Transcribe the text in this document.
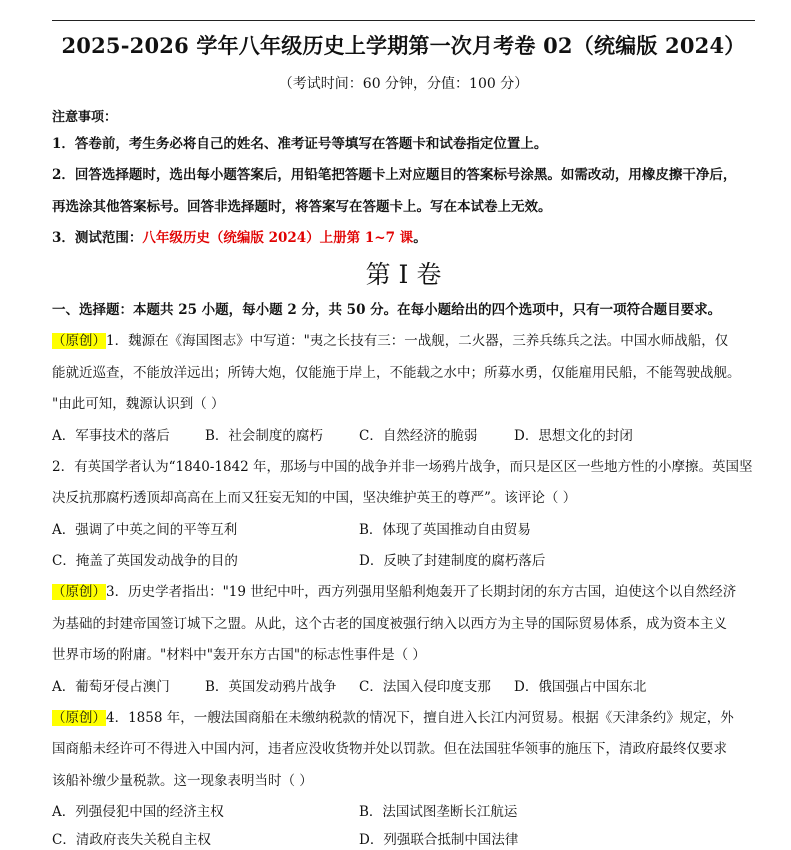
2025-2026 学年八年级历史上学期第一次月考卷 02（统编版 2024）
（考试时间：60 分钟，分值：100 分）
注意事项：
1．答卷前，考生务必将自己的姓名、准考证号等填写在答题卡和试卷指定位置上。
2．回答选择题时，选出每小题答案后，用铅笔把答题卡上对应题目的答案标号涂黑。如需改动，用橡皮擦干净后，
再选涂其他答案标号。回答非选择题时，将答案写在答题卡上。写在本试卷上无效。
3．测试范围：八年级历史（统编版 2024）上册第 1~7 课。
第 I 卷
一、选择题：本题共 25 小题，每小题 2 分，共 50 分。在每小题给出的四个选项中，只有一项符合题目要求。
（原创）1．魏源在《海国图志》中写道："夷之长技有三：一战舰，二火器，三养兵练兵之法。中国水师战船，仅
能就近巡查，不能放洋远出；所铸大炮，仅能施于岸上，不能载之水中；所募水勇，仅能雇用民船，不能驾驶战舰。
"由此可知，魏源认识到（ ）
A．军事技术的落后	B．社会制度的腐朽	C．自然经济的脆弱	D．思想文化的封闭
2．有英国学者认为“1840-1842 年，那场与中国的战争并非一场鸦片战争，而只是区区一些地方性的小摩擦。英国坚
决反抗那腐朽透顶却高高在上而又狂妄无知的中国，坚决维护英王的尊严”。该评论（ ）
A．强调了中英之间的平等互利	B．体现了英国推动自由贸易
C．掩盖了英国发动战争的目的	D．反映了封建制度的腐朽落后
（原创）3．历史学者指出："19 世纪中叶，西方列强用坚船利炮轰开了长期封闭的东方古国，迫使这个以自然经济
为基础的封建帝国签订城下之盟。从此，这个古老的国度被强行纳入以西方为主导的国际贸易体系，成为资本主义
世界市场的附庸。"材料中"轰开东方古国"的标志性事件是（ ）
A．葡萄牙侵占澳门	B．英国发动鸦片战争 C．法国入侵印度支那 D．俄国强占中国东北
（原创）4．1858 年，一艘法国商船在未缴纳税款的情况下，擅自进入长江内河贸易。根据《天津条约》规定，外
国商船未经许可不得进入中国内河，违者应没收货物并处以罚款。但在法国驻华领事的施压下，清政府最终仅要求
该船补缴少量税款。这一现象表明当时（ ）
A．列强侵犯中国的经济主权	B．法国试图垄断长江航运
C．清政府丧失关税自主权	D．列强联合抵制中国法律
